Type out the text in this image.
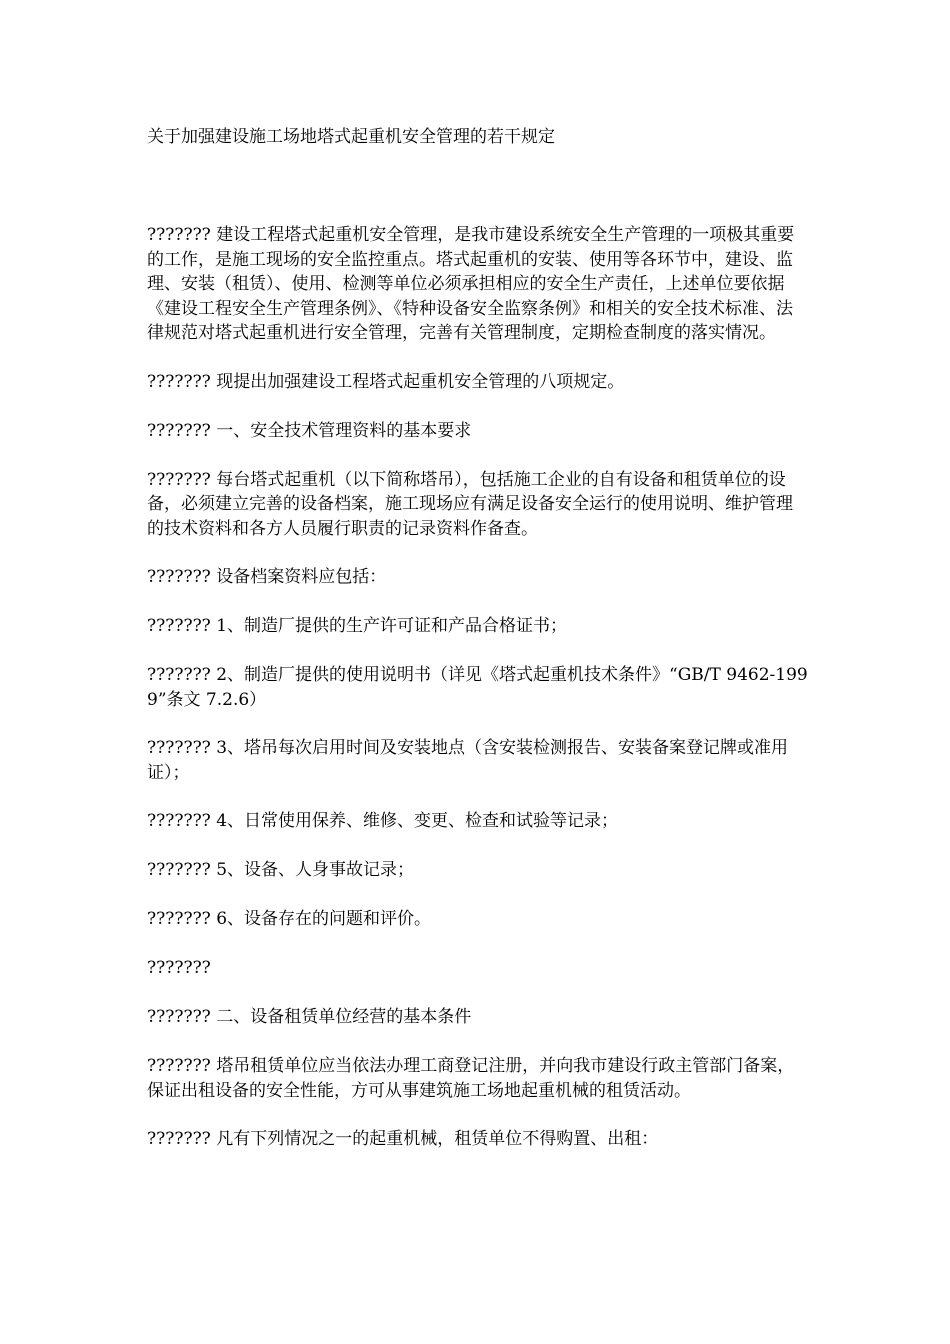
关于加强建设施工场地塔式起重机安全管理的若干规定

??????? 建设工程塔式起重机安全管理，是我市建设系统安全生产管理的一项极其重要的工作，是施工现场的安全监控重点。塔式起重机的安装、使用等各环节中，建设、监理、安装（租赁）、使用、检测等单位必须承担相应的安全生产责任，上述单位要依据《建设工程安全生产管理条例》、《特种设备安全监察条例》和相关的安全技术标准、法律规范对塔式起重机进行安全管理，完善有关管理制度，定期检查制度的落实情况。

??????? 现提出加强建设工程塔式起重机安全管理的八项规定。

??????? 一、安全技术管理资料的基本要求

??????? 每台塔式起重机（以下简称塔吊），包括施工企业的自有设备和租赁单位的设备，必须建立完善的设备档案，施工现场应有满足设备安全运行的使用说明、维护管理的技术资料和各方人员履行职责的记录资料作备查。

??????? 设备档案资料应包括：

??????? 1、制造厂提供的生产许可证和产品合格证书；

??????? 2、制造厂提供的使用说明书（详见《塔式起重机技术条件》“GB/T 9462-1999”条文 7.2.6）

??????? 3、塔吊每次启用时间及安装地点（含安装检测报告、安装备案登记牌或准用证）；

??????? 4、日常使用保养、维修、变更、检查和试验等记录；

??????? 5、设备、人身事故记录；

??????? 6、设备存在的问题和评价。

???????

??????? 二、设备租赁单位经营的基本条件

??????? 塔吊租赁单位应当依法办理工商登记注册，并向我市建设行政主管部门备案，保证出租设备的安全性能，方可从事建筑施工场地起重机械的租赁活动。

??????? 凡有下列情况之一的起重机械，租赁单位不得购置、出租：
